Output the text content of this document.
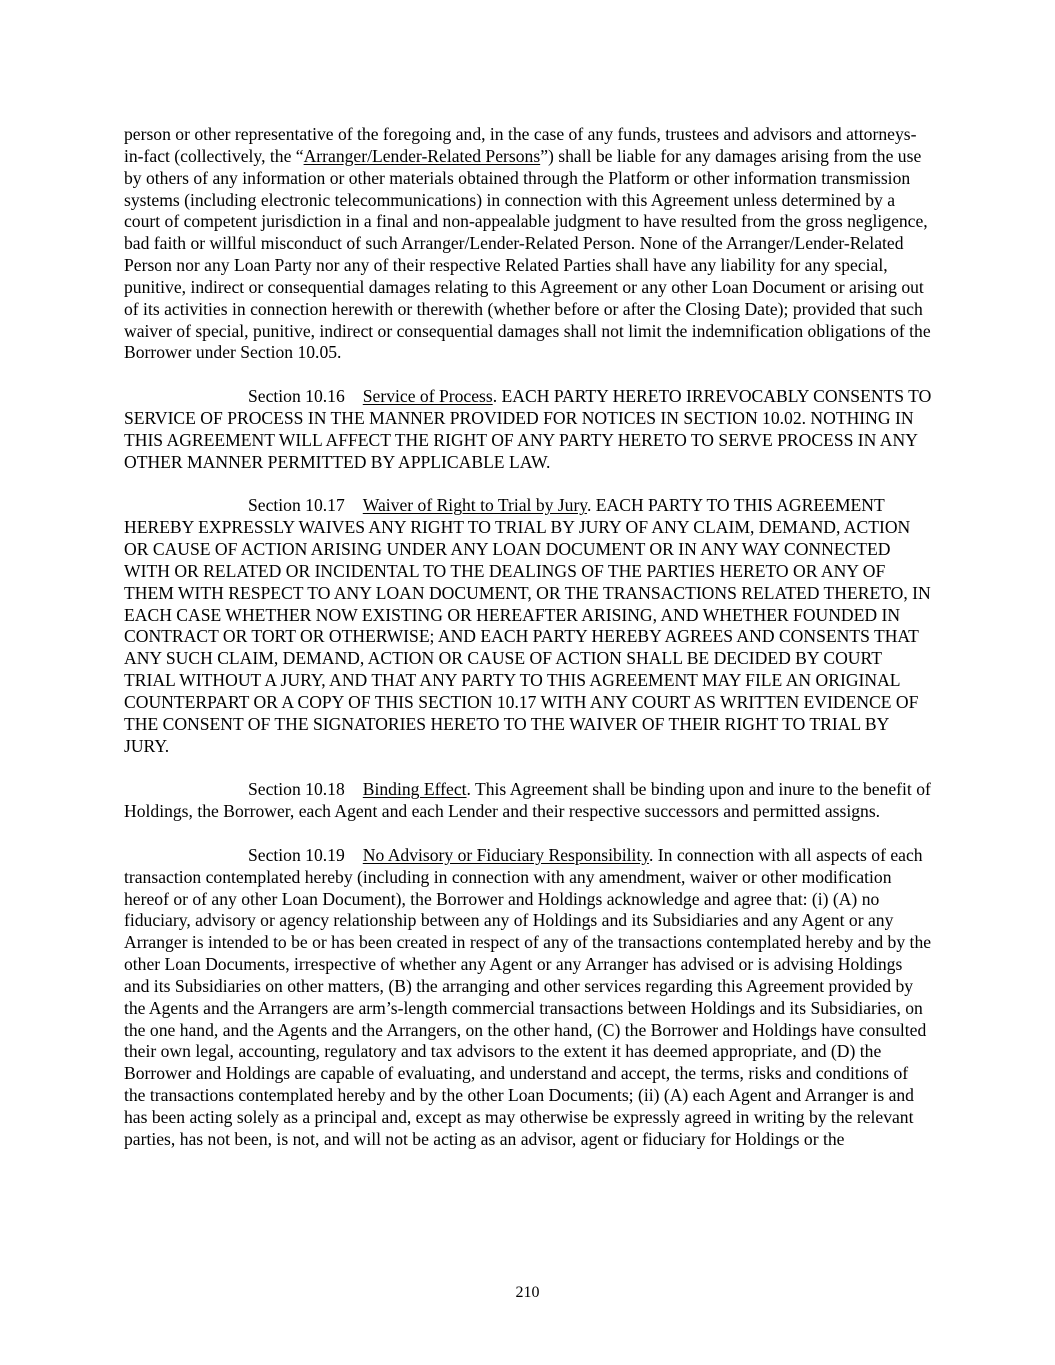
person or other representative of the foregoing and, in the case of any funds, trustees and advisors and attorneys-in-fact (collectively, the “Arranger/Lender-Related Persons”) shall be liable for any damages arising from the use by others of any information or other materials obtained through the Platform or other information transmission systems (including electronic telecommunications) in connection with this Agreement unless determined by a court of competent jurisdiction in a final and non-appealable judgment to have resulted from the gross negligence, bad faith or willful misconduct of such Arranger/Lender-Related Person. None of the Arranger/Lender-Related Person nor any Loan Party nor any of their respective Related Parties shall have any liability for any special, punitive, indirect or consequential damages relating to this Agreement or any other Loan Document or arising out of its activities in connection herewith or therewith (whether before or after the Closing Date); provided that such waiver of special, punitive, indirect or consequential damages shall not limit the indemnification obligations of the Borrower under Section 10.05.

Section 10.16 Service of Process. EACH PARTY HERETO IRREVOCABLY CONSENTS TO SERVICE OF PROCESS IN THE MANNER PROVIDED FOR NOTICES IN SECTION 10.02. NOTHING IN THIS AGREEMENT WILL AFFECT THE RIGHT OF ANY PARTY HERETO TO SERVE PROCESS IN ANY OTHER MANNER PERMITTED BY APPLICABLE LAW.

Section 10.17 Waiver of Right to Trial by Jury. EACH PARTY TO THIS AGREEMENT HEREBY EXPRESSLY WAIVES ANY RIGHT TO TRIAL BY JURY OF ANY CLAIM, DEMAND, ACTION OR CAUSE OF ACTION ARISING UNDER ANY LOAN DOCUMENT OR IN ANY WAY CONNECTED WITH OR RELATED OR INCIDENTAL TO THE DEALINGS OF THE PARTIES HERETO OR ANY OF THEM WITH RESPECT TO ANY LOAN DOCUMENT, OR THE TRANSACTIONS RELATED THERETO, IN EACH CASE WHETHER NOW EXISTING OR HEREAFTER ARISING, AND WHETHER FOUNDED IN CONTRACT OR TORT OR OTHERWISE; AND EACH PARTY HEREBY AGREES AND CONSENTS THAT ANY SUCH CLAIM, DEMAND, ACTION OR CAUSE OF ACTION SHALL BE DECIDED BY COURT TRIAL WITHOUT A JURY, AND THAT ANY PARTY TO THIS AGREEMENT MAY FILE AN ORIGINAL COUNTERPART OR A COPY OF THIS SECTION 10.17 WITH ANY COURT AS WRITTEN EVIDENCE OF THE CONSENT OF THE SIGNATORIES HERETO TO THE WAIVER OF THEIR RIGHT TO TRIAL BY JURY.

Section 10.18 Binding Effect. This Agreement shall be binding upon and inure to the benefit of Holdings, the Borrower, each Agent and each Lender and their respective successors and permitted assigns.

Section 10.19 No Advisory or Fiduciary Responsibility. In connection with all aspects of each transaction contemplated hereby (including in connection with any amendment, waiver or other modification hereof or of any other Loan Document), the Borrower and Holdings acknowledge and agree that: (i) (A) no fiduciary, advisory or agency relationship between any of Holdings and its Subsidiaries and any Agent or any Arranger is intended to be or has been created in respect of any of the transactions contemplated hereby and by the other Loan Documents, irrespective of whether any Agent or any Arranger has advised or is advising Holdings and its Subsidiaries on other matters, (B) the arranging and other services regarding this Agreement provided by the Agents and the Arrangers are arm’s-length commercial transactions between Holdings and its Subsidiaries, on the one hand, and the Agents and the Arrangers, on the other hand, (C) the Borrower and Holdings have consulted their own legal, accounting, regulatory and tax advisors to the extent it has deemed appropriate, and (D) the Borrower and Holdings are capable of evaluating, and understand and accept, the terms, risks and conditions of the transactions contemplated hereby and by the other Loan Documents; (ii) (A) each Agent and Arranger is and has been acting solely as a principal and, except as may otherwise be expressly agreed in writing by the relevant parties, has not been, is not, and will not be acting as an advisor, agent or fiduciary for Holdings or the

210
